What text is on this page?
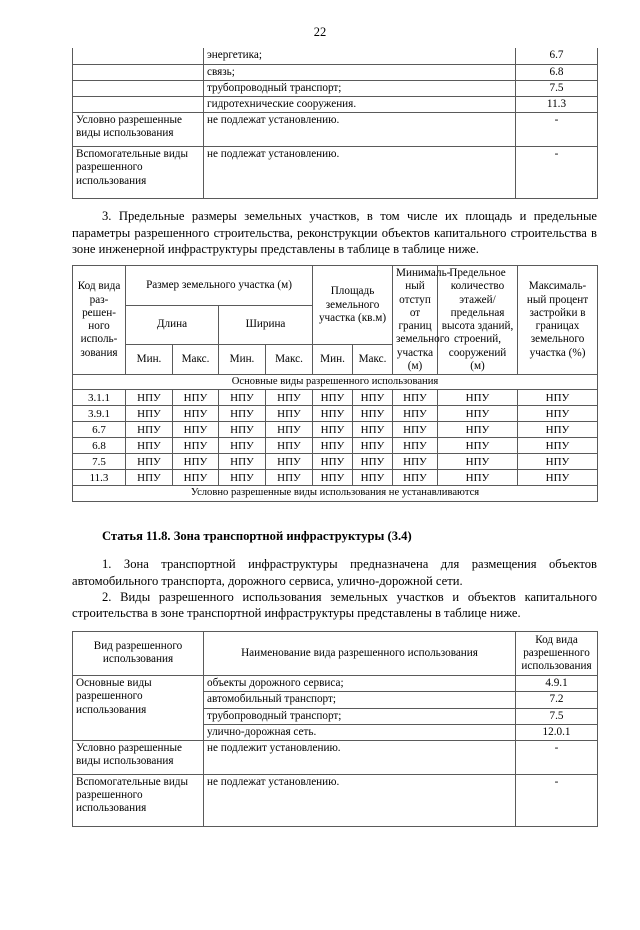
22
	энергетика;	6.7
	связь;	6.8
	трубопроводный транспорт;	7.5
	гидротехнические сооружения.	11.3
Условно разрешенные виды использования	не подлежат установлению.	-
Вспомогательные виды разрешенного использования	не подлежат установлению.	-

3. Предельные размеры земельных участков, в том числе их площадь и предельные параметры разрешенного строительства, реконструкции объектов капитального строительства в зоне инженерной инфраструктуры представлены в таблице в таблице ниже.

Код вида раз-решен-ного исполь-зования	Размер земельного участка (м)				Площадь земельного участка (кв.м)		Минималь-ный отступ от границ земельного участка (м)	Предельное количество этажей/ предельная высота зданий, строений, сооружений (м)	Максималь-ный процент застройки в границах земельного участка (%)
	Длина		Ширина						
	Мин.	Макс.	Мин.	Макс.	Мин.	Макс.			
Основные виды разрешенного использования									
3.1.1	НПУ	НПУ	НПУ	НПУ	НПУ	НПУ	НПУ	НПУ	НПУ
3.9.1	НПУ	НПУ	НПУ	НПУ	НПУ	НПУ	НПУ	НПУ	НПУ
6.7	НПУ	НПУ	НПУ	НПУ	НПУ	НПУ	НПУ	НПУ	НПУ
6.8	НПУ	НПУ	НПУ	НПУ	НПУ	НПУ	НПУ	НПУ	НПУ
7.5	НПУ	НПУ	НПУ	НПУ	НПУ	НПУ	НПУ	НПУ	НПУ
11.3	НПУ	НПУ	НПУ	НПУ	НПУ	НПУ	НПУ	НПУ	НПУ
Условно разрешенные виды использования не устанавливаются									
Статья 11.8. Зона транспортной инфраструктуры (3.4)

1. Зона транспортной инфраструктуры предназначена для размещения объектов автомобильного транспорта, дорожного сервиса, улично-дорожной сети.

2. Виды разрешенного использования земельных участков и объектов капитального строительства в зоне транспортной инфраструктуры представлены в таблице ниже.

Вид разрешенного использования	Наименование вида разрешенного использования	Код вида разрешенного использования
Основные виды разрешенного использования	объекты дорожного сервиса;	4.9.1
	автомобильный транспорт;	7.2
	трубопроводный транспорт;	7.5
	улично-дорожная сеть.	12.0.1
Условно разрешенные виды использования	не подлежит установлению.	-
Вспомогательные виды разрешенного использования	не подлежат установлению.	-
